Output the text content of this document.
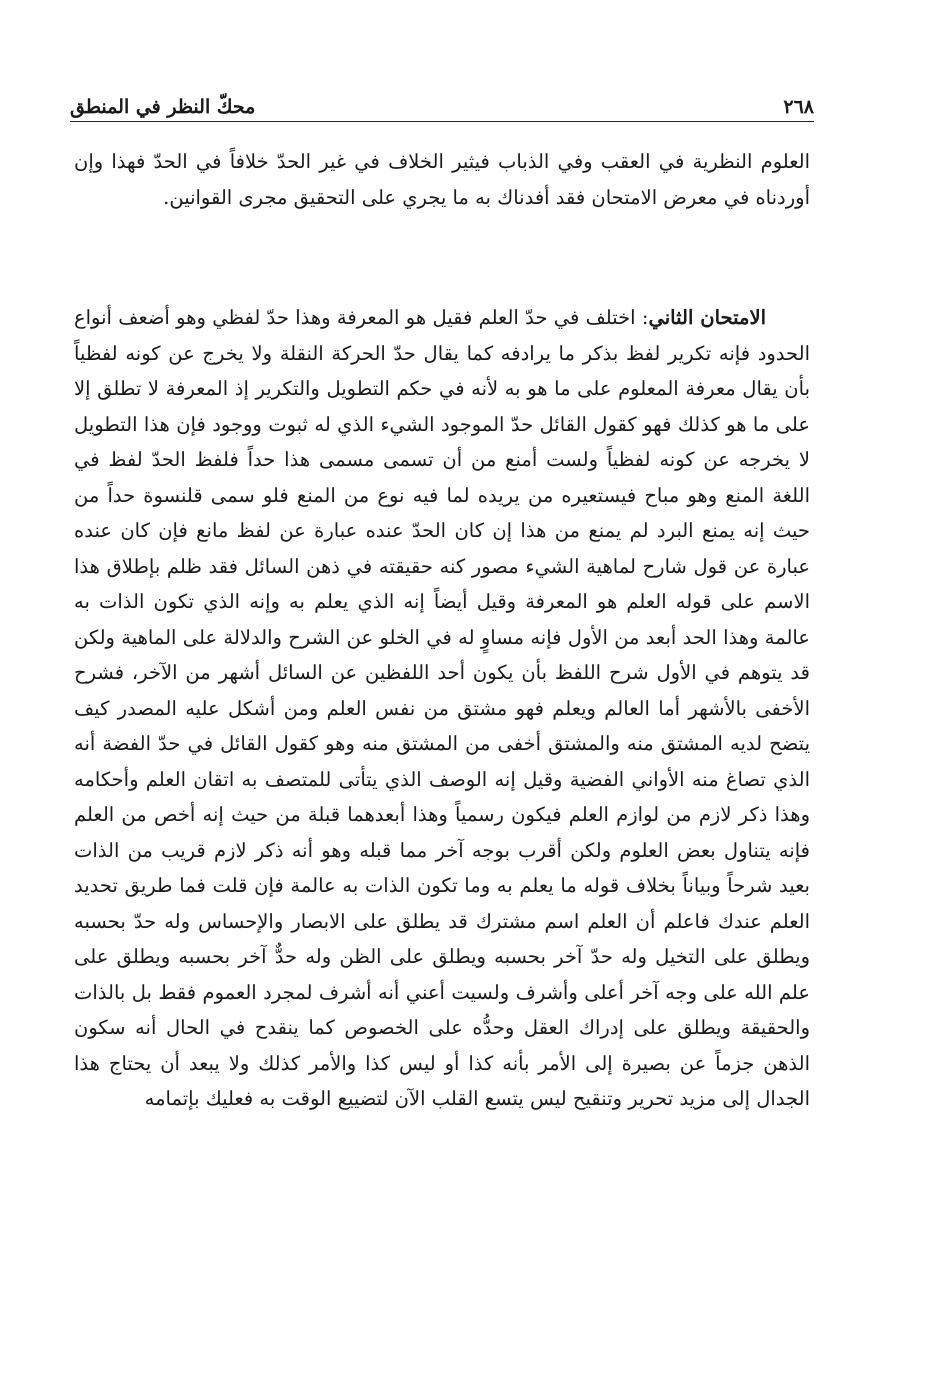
٢٦٨
محكّ النظر في المنطق
العلوم النظرية في العقب وفي الذباب فيثير الخلاف في غير الحدّ خلافاً في الحدّ فهذا وإن أوردناه في معرض الامتحان فقد أفدناك به ما يجري على التحقيق مجرى القوانين.
الامتحان الثاني: اختلف في حدّ العلم فقيل هو المعرفة وهذا حدّ لفظي وهو أضعف أنواع الحدود فإنه تكرير لفظ بذكر ما يرادفه كما يقال حدّ الحركة النقلة ولا يخرج عن كونه لفظياً بأن يقال معرفة المعلوم على ما هو به لأنه في حكم التطويل والتكرير إذ المعرفة لا تطلق إلا على ما هو كذلك فهو كقول القائل حدّ الموجود الشيء الذي له ثبوت ووجود فإن هذا التطويل لا يخرجه عن كونه لفظياً ولست أمنع من أن تسمى مسمى هذا حداً فلفظ الحدّ لفظ في اللغة المنع وهو مباح فيستعيره من يريده لما فيه نوع من المنع فلو سمى قلنسوة حداً من حيث إنه يمنع البرد لم يمنع من هذا إن كان الحدّ عنده عبارة عن لفظ مانع فإن كان عنده عبارة عن قول شارح لماهية الشيء مصور كنه حقيقته في ذهن السائل فقد ظلم بإطلاق هذا الاسم على قوله العلم هو المعرفة وقيل أيضاً إنه الذي يعلم به وإنه الذي تكون الذات به عالمة وهذا الحد أبعد من الأول فإنه مساوٍ له في الخلو عن الشرح والدلالة على الماهية ولكن قد يتوهم في الأول شرح اللفظ بأن يكون أحد اللفظين عن السائل أشهر من الآخر، فشرح الأخفى بالأشهر أما العالم ويعلم فهو مشتق من نفس العلم ومن أشكل عليه المصدر كيف يتضح لديه المشتق منه والمشتق أخفى من المشتق منه وهو كقول القائل في حدّ الفضة أنه الذي تصاغ منه الأواني الفضية وقيل إنه الوصف الذي يتأتى للمتصف به اتقان العلم وأحكامه وهذا ذكر لازم من لوازم العلم فيكون رسمياً وهذا أبعدهما قبلة من حيث إنه أخص من العلم فإنه يتناول بعض العلوم ولكن أقرب بوجه آخر مما قبله وهو أنه ذكر لازم قريب من الذات بعيد شرحاً وبياناً بخلاف قوله ما يعلم به وما تكون الذات به عالمة فإن قلت فما طريق تحديد العلم عندك فاعلم أن العلم اسم مشترك قد يطلق على الابصار والإحساس وله حدّ بحسبه ويطلق على التخيل وله حدّ آخر بحسبه ويطلق على الظن وله حدٌّ آخر بحسبه ويطلق على علم الله على وجه آخر أعلى وأشرف ولسيت أعني أنه أشرف لمجرد العموم فقط بل بالذات والحقيقة ويطلق على إدراك العقل وحدُّه على الخصوص كما ينقدح في الحال أنه سكون الذهن جزماً عن بصيرة إلى الأمر بأنه كذا أو ليس كذا والأمر كذلك ولا يبعد أن يحتاج هذا الجدال إلى مزيد تحرير وتنقيح ليس يتسع القلب الآن لتضييع الوقت به فعليك بإتمامه
